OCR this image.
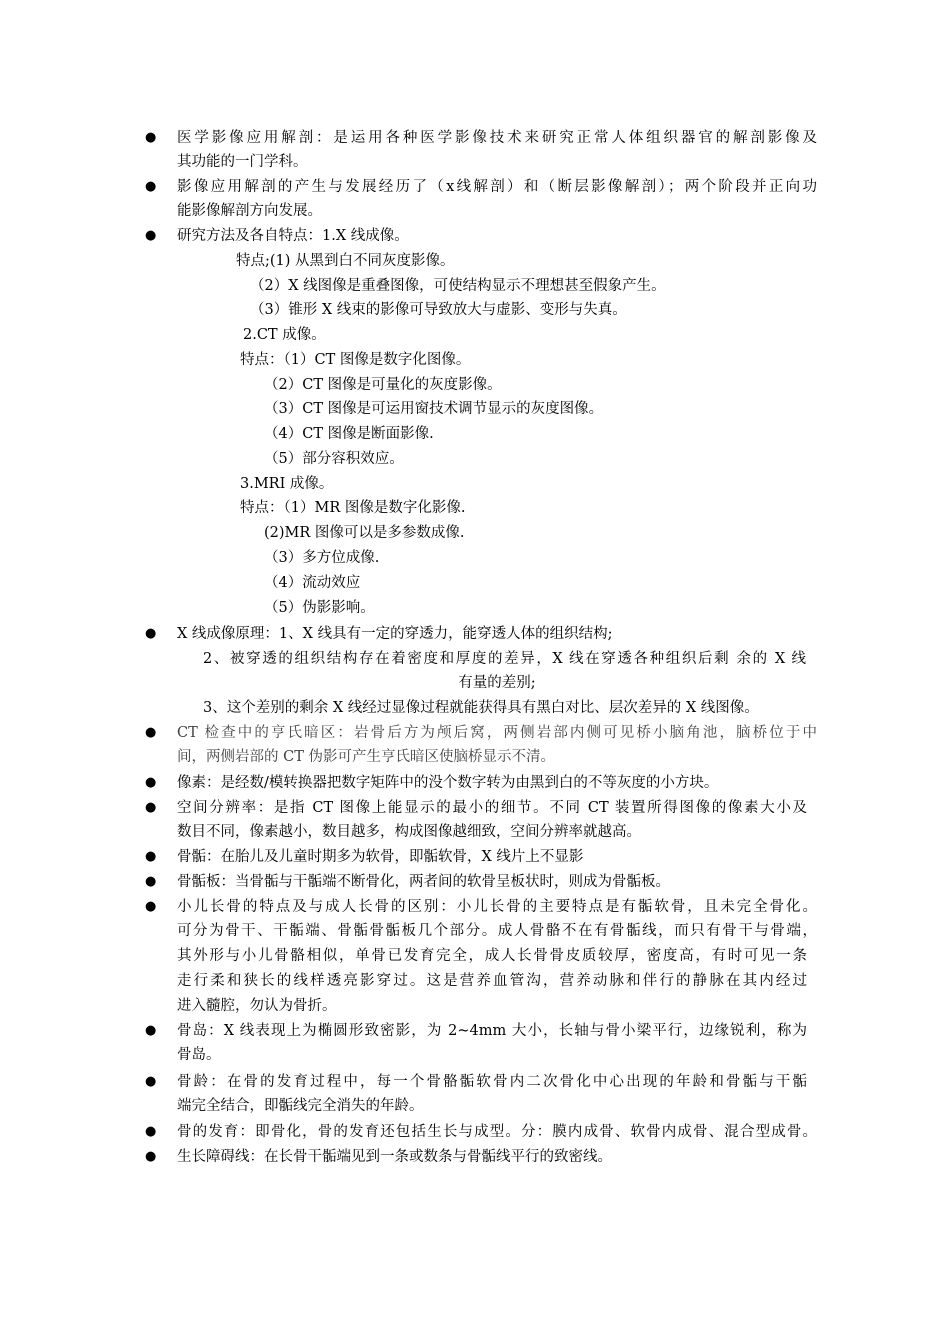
● 医学影像应用解剖：是运用各种医学影像技术来研究正常人体组织器官的解剖影像及
其功能的一门学科。
● 影像应用解剖的产生与发展经历了（x线解剖）和（断层影像解剖）；两个阶段并正向功
能影像解剖方向发展。
● 研究方法及各自特点：1.X 线成像。
特点;(1) 从黑到白不同灰度影像。
（2）X 线图像是重叠图像，可使结构显示不理想甚至假象产生。
（3）锥形 X 线束的影像可导致放大与虚影、变形与失真。
2.CT 成像。
特点：（1）CT 图像是数字化图像。
（2）CT 图像是可量化的灰度影像。
（3）CT 图像是可运用窗技术调节显示的灰度图像。
（4）CT 图像是断面影像.
（5）部分容积效应。
3.MRI 成像。
特点：（1）MR 图像是数字化影像.
(2)MR 图像可以是多参数成像.
（3）多方位成像.
（4）流动效应
（5）伪影影响。
● X 线成像原理：1、X 线具有一定的穿透力，能穿透人体的组织结构;
2、被穿透的组织结构存在着密度和厚度的差异，X 线在穿透各种组织后剩 余的 X 线
有量的差别;
3、这个差别的剩余 X 线经过显像过程就能获得具有黑白对比、层次差异的 X 线图像。
● CT 检查中的亨氏暗区：岩骨后方为颅后窝，两侧岩部内侧可见桥小脑角池，脑桥位于中
间，两侧岩部的 CT 伪影可产生亨氏暗区使脑桥显示不清。
● 像素：是经数/模转换器把数字矩阵中的没个数字转为由黑到白的不等灰度的小方块。
● 空间分辨率：是指 CT 图像上能显示的最小的细节。不同 CT 装置所得图像的像素大小及
数目不同，像素越小，数目越多，构成图像越细致，空间分辨率就越高。
● 骨骺：在胎儿及儿童时期多为软骨，即骺软骨，X 线片上不显影
● 骨骺板：当骨骺与干骺端不断骨化，两者间的软骨呈板状时，则成为骨骺板。
● 小儿长骨的特点及与成人长骨的区别：小儿长骨的主要特点是有骺软骨，且未完全骨化。
可分为骨干、干骺端、骨骺骨骺板几个部分。成人骨骼不在有骨骺线，而只有骨干与骨端，
其外形与小儿骨骼相似，单骨已发育完全，成人长骨骨皮质较厚，密度高，有时可见一条
走行柔和狭长的线样透亮影穿过。这是营养血管沟，营养动脉和伴行的静脉在其内经过
进入髓腔，勿认为骨折。
● 骨岛：X 线表现上为椭圆形致密影，为 2~4mm 大小，长轴与骨小梁平行，边缘锐利，称为
骨岛。
● 骨龄：在骨的发育过程中，每一个骨骼骺软骨内二次骨化中心出现的年龄和骨骺与干骺
端完全结合，即骺线完全消失的年龄。
● 骨的发育：即骨化，骨的发育还包括生长与成型。分：膜内成骨、软骨内成骨、混合型成骨。
● 生长障碍线：在长骨干骺端见到一条或数条与骨骺线平行的致密线。
